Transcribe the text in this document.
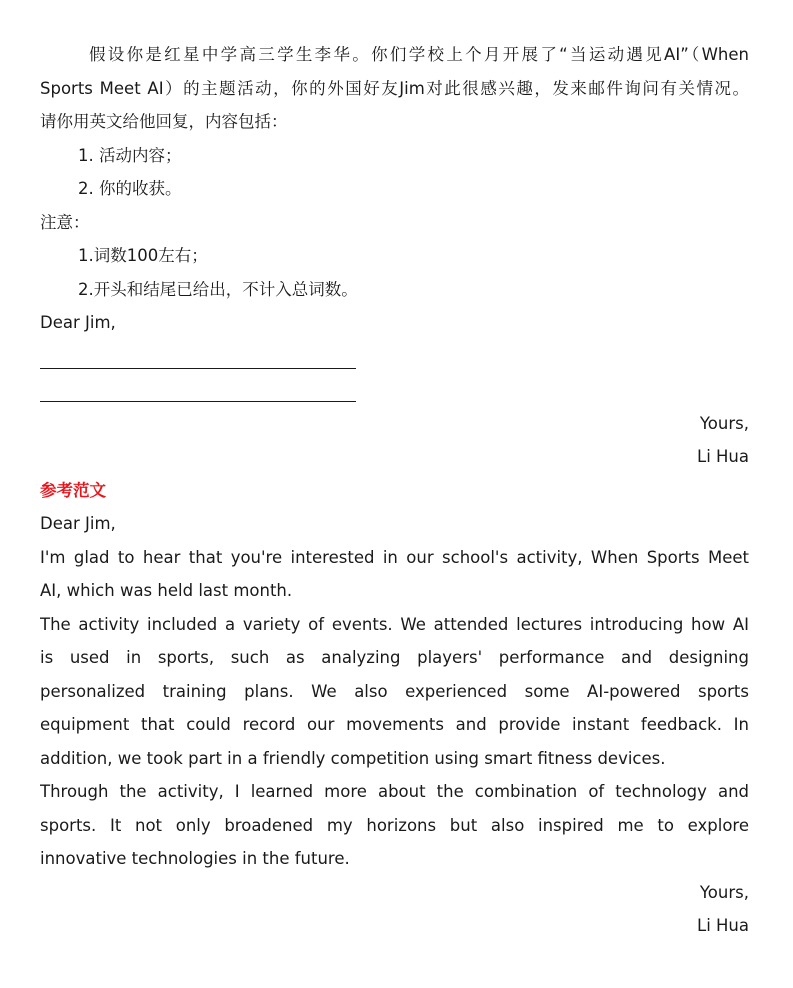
假设你是红星中学高三学生李华。你们学校上个月开展了“当运动遇见AI”（When
Sports Meet AI）的主题活动，你的外国好友Jim对此很感兴趣，发来邮件询问有关情况。
请你用英文给他回复，内容包括：
1. 活动内容；
2. 你的收获。
注意：
1.词数100左右；
2.开头和结尾已给出，不计入总词数。
Dear Jim,
Yours,
Li Hua
参考范文
Dear Jim,
I'm glad to hear that you're interested in our school's activity, When Sports Meet
AI, which was held last month.
The activity included a variety of events. We attended lectures introducing how AI
is used in sports, such as analyzing players' performance and designing
personalized training plans. We also experienced some AI-powered sports
equipment that could record our movements and provide instant feedback. In
addition, we took part in a friendly competition using smart fitness devices.
Through the activity, I learned more about the combination of technology and
sports. It not only broadened my horizons but also inspired me to explore
innovative technologies in the future.
Yours,
Li Hua
